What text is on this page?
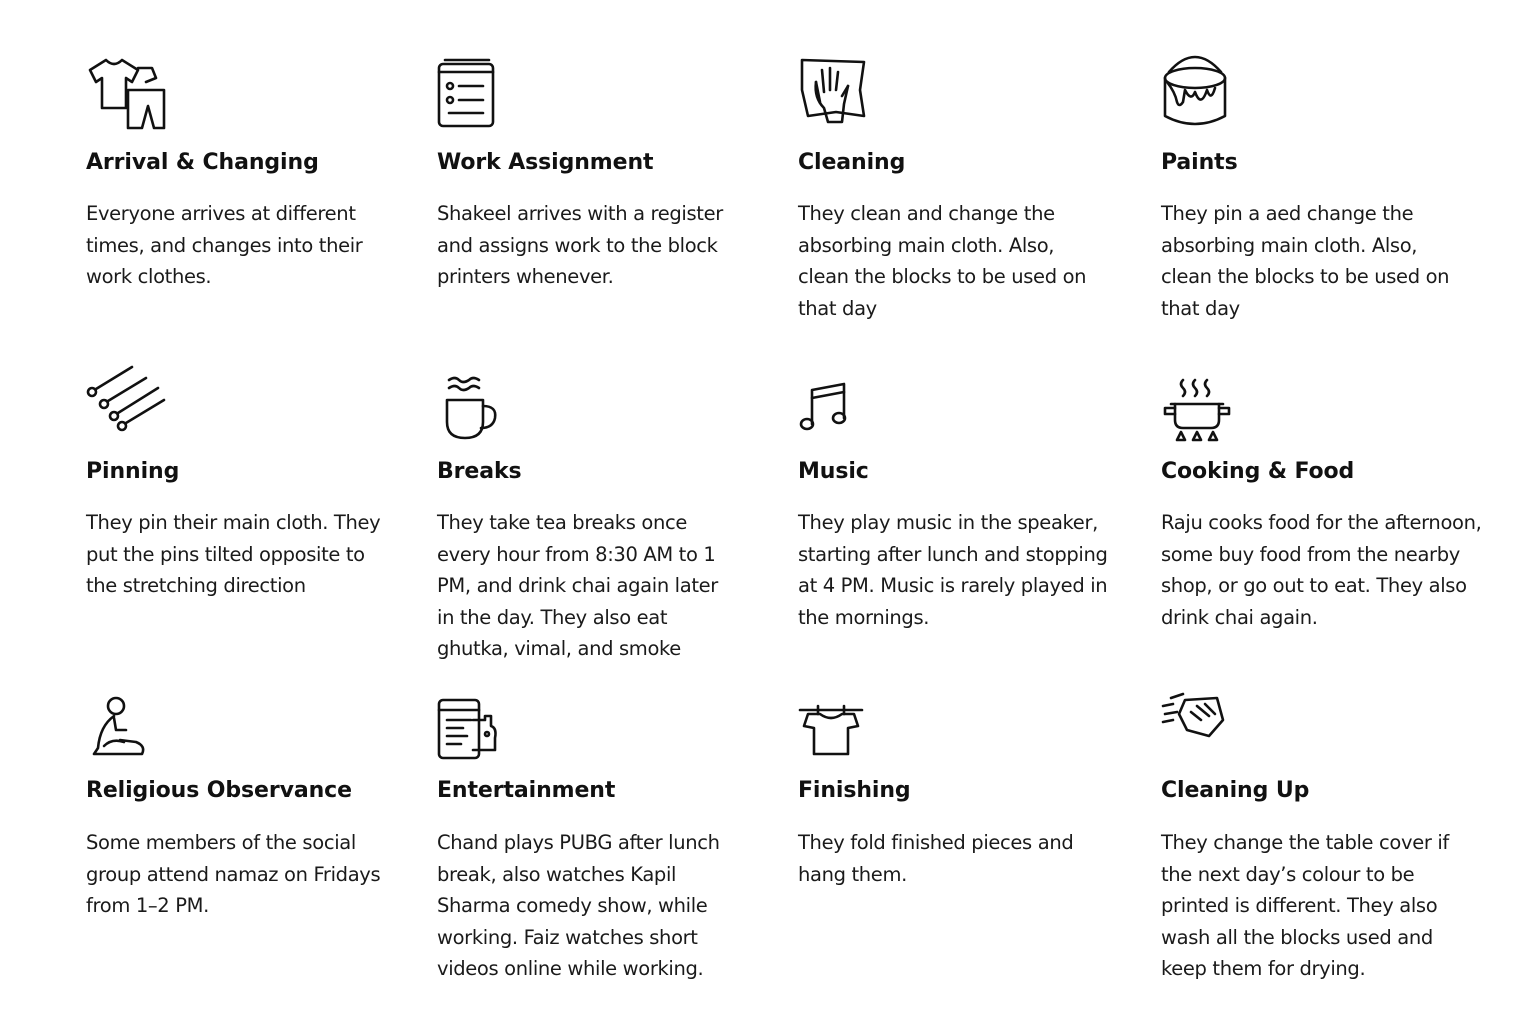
Arrival & Changing

Everyone arrives at different times, and changes into their work clothes.

Work Assignment

Shakeel arrives with a register and assigns work to the block printers whenever.

Cleaning

They clean and change the absorbing main cloth. Also, clean the blocks to be used on that day

Paints

They pin a aed change the absorbing main cloth. Also, clean the blocks to be used on that day

Pinning

They pin their main cloth. They put the pins tilted opposite to the stretching direction

Breaks

They take tea breaks once every hour from 8:30 AM to 1 PM, and drink chai again later in the day. They also eat ghutka, vimal, and smoke

Music

They play music in the speaker, starting after lunch and stopping at 4 PM. Music is rarely played in the mornings.

Cooking & Food

Raju cooks food for the afternoon, some buy food from the nearby shop, or go out to eat. They also drink chai again.

Religious Observance

Some members of the social group attend namaz on Fridays from 1–2 PM.

Entertainment

Chand plays PUBG after lunch break, also watches Kapil Sharma comedy show, while working. Faiz watches short videos online while working.

Finishing

They fold finished pieces and hang them.

Cleaning Up

They change the table cover if the next day’s colour to be printed is different. They also wash all the blocks used and keep them for drying.
